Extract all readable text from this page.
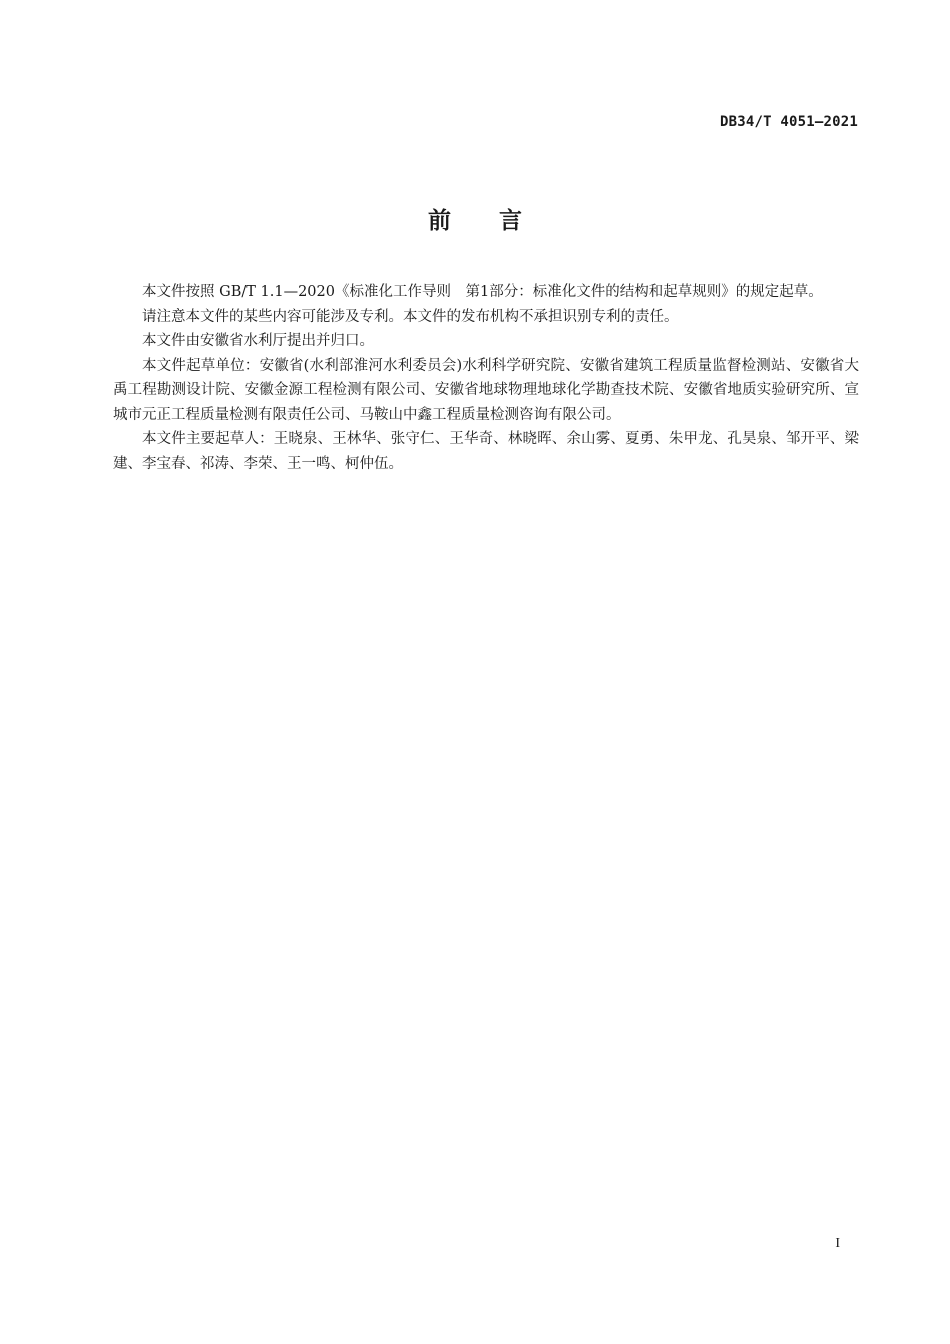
DB34/T 4051—2021
前言

本文件按照 GB/T 1.1—2020《标准化工作导则　第1部分：标准化文件的结构和起草规则》的规定起草。

请注意本文件的某些内容可能涉及专利。本文件的发布机构不承担识别专利的责任。

本文件由安徽省水利厅提出并归口。

本文件起草单位：安徽省(水利部淮河水利委员会)水利科学研究院、安徽省建筑工程质量监督检测站、安徽省大禹工程勘测设计院、安徽金源工程检测有限公司、安徽省地球物理地球化学勘查技术院、安徽省地质实验研究所、宣城市元正工程质量检测有限责任公司、马鞍山中鑫工程质量检测咨询有限公司。

本文件主要起草人：王晓泉、王林华、张守仁、王华奇、林晓晖、余山雾、夏勇、朱甲龙、孔昊泉、邹开平、梁建、李宝春、祁涛、李荣、王一鸣、柯仲伍。

I
